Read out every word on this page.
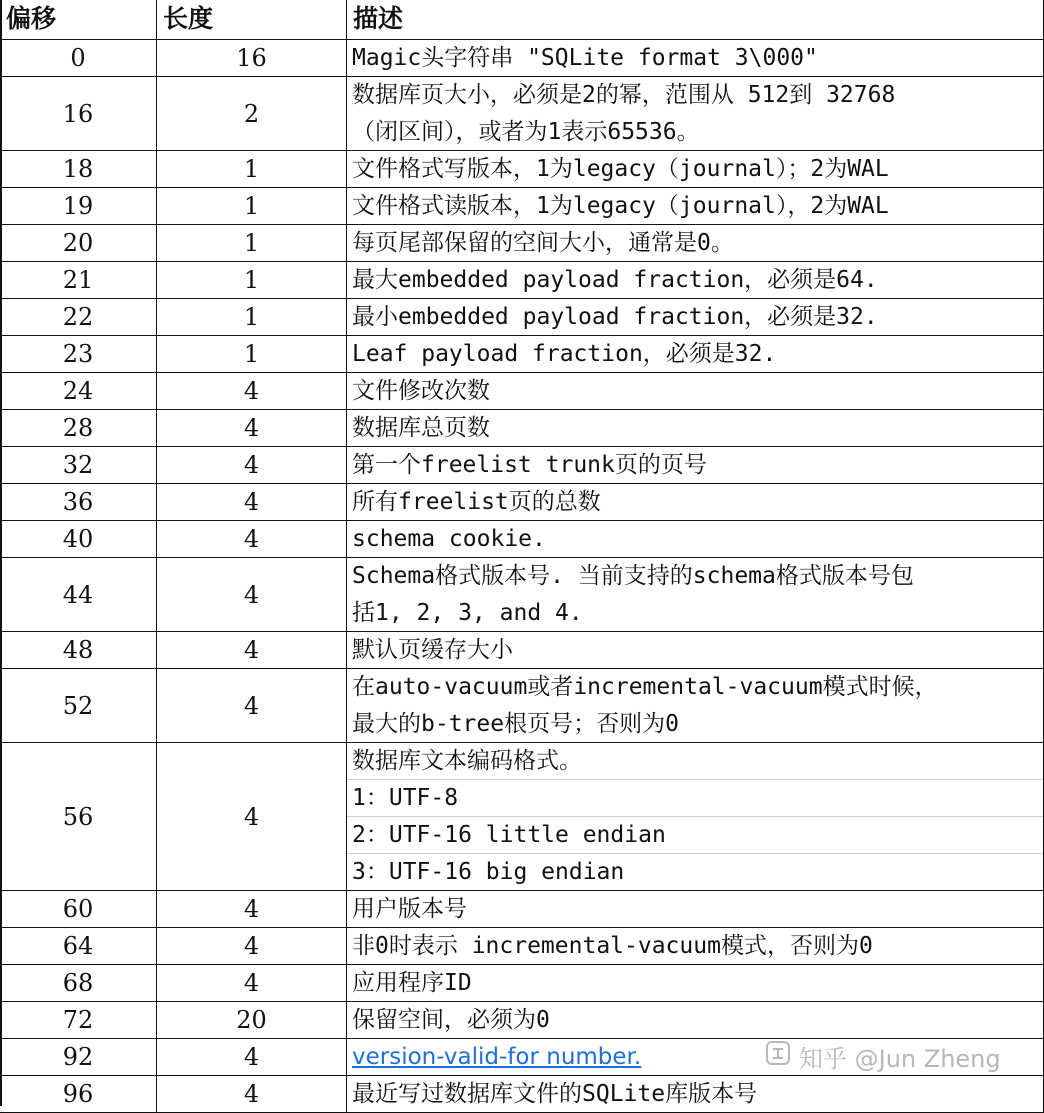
偏移	长度	描述
0	16	Magic头字符串 "SQLite format 3\000"
16	2
数据库页大小，必须是2的幂，范围从 512到 32768
（闭区间），或者为1表示65536。
18	1	文件格式写版本，1为legacy（journal）；2为WAL
19	1	文件格式读版本，1为legacy（journal），2为WAL
20	1	每页尾部保留的空间大小，通常是0。
21	1	最大embedded payload fraction，必须是64.
22	1	最小embedded payload fraction，必须是32.
23	1	Leaf payload fraction，必须是32.
24	4	文件修改次数
28	4	数据库总页数
32	4	第一个freelist trunk页的页号
36	4	所有freelist页的总数
40	4	schema cookie.
44	4
Schema格式版本号. 当前支持的schema格式版本号包
括1, 2, 3, and 4.
48	4	默认页缓存大小
52	4
在auto-vacuum或者incremental-vacuum模式时候，
最大的b-tree根页号；否则为0
56	4
数据库文本编码格式。
1：UTF-8
2：UTF-16 little endian
3：UTF-16 big endian
60	4	用户版本号
64	4	非0时表示 incremental-vacuum模式，否则为0
68	4	应用程序ID
72	20	保留空间，必须为0
92	4	version-valid-for number.
96	4	最近写过数据库文件的SQLite库版本号
知乎 @Jun Zheng
